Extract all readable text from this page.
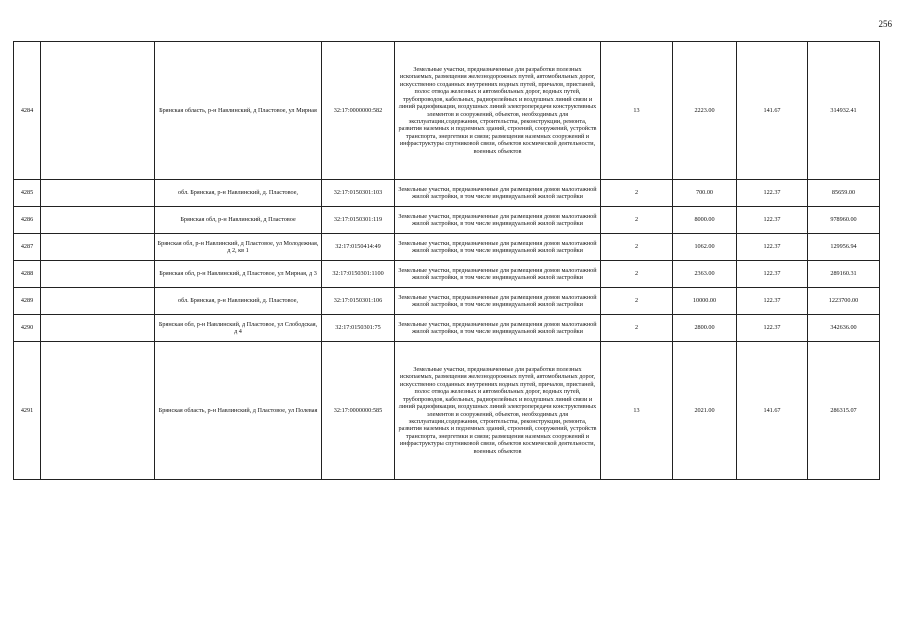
256
4284		Брянская область, р-н Навлинский, д Пластовое, ул Мирная	32:17:0000000:582	Земельные участки, предназначенные для разработки полезных ископаемых, размещения железнодорожных путей, автомобильных дорог, искусственно созданных внутренних водных путей, причалов, пристаней, полос отвода железных и автомобильных дорог, водных путей, трубопроводов, кабельных, радиорелейных и воздушных линий связи и линий радиофикации, воздушных линий электропередачи конструктивных элементов и сооружений, объектов, необходимых для эксплуатации,содержания, строительства, реконструкции, ремонта, развития наземных и подземных зданий, строений, сооружений, устройств транспорта, энергетики и связи; размещения наземных сооружений и инфраструктуры спутниковой связи, объектов космической деятельности, военных объектов	13	2223.00	141.67	314932.41
4285		обл. Брянская, р-н Навлинский, д. Пластовое,	32:17:0150301:103	Земельные участки, предназначенные для размещения домов малоэтажной жилой застройки, в том числе индивидуальной жилой застройки	2	700.00	122.37	85659.00
4286		Брянская обл, р-н Навлинский, д Пластовое	32:17:0150301:119	Земельные участки, предназначенные для размещения домов малоэтажной жилой застройки, в том числе индивидуальной жилой застройки	2	8000.00	122.37	978960.00
4287		Брянская обл, р-н Навлинский, д Пластовое, ул Молодежная, д 2, кв 1	32:17:0150414:49	Земельные участки, предназначенные для размещения домов малоэтажной жилой застройки, в том числе индивидуальной жилой застройки	2	1062.00	122.37	129956.94
4288		Брянская обл, р-н Навлинский, д Пластовое, ул Мирная, д 3	32:17:0150301:1100	Земельные участки, предназначенные для размещения домов малоэтажной жилой застройки, в том числе индивидуальной жилой застройки	2	2363.00	122.37	289160.31
4289		обл. Брянская, р-н Навлинский, д. Пластовое,	32:17:0150301:106	Земельные участки, предназначенные для размещения домов малоэтажной жилой застройки, в том числе индивидуальной жилой застройки	2	10000.00	122.37	1223700.00
4290		Брянская обл, р-н Навлинский, д Пластовое, ул Слободская, д 4	32:17:0150301:75	Земельные участки, предназначенные для размещения домов малоэтажной жилой застройки, в том числе индивидуальной жилой застройки	2	2800.00	122.37	342636.00
4291		Брянская область, р-н Навлинский, д Пластовое, ул Полевая	32:17:0000000:585	Земельные участки, предназначенные для разработки полезных ископаемых, размещения железнодорожных путей, автомобильных дорог, искусственно созданных внутренних водных путей, причалов, пристаней, полос отвода железных и автомобильных дорог, водных путей, трубопроводов, кабельных, радиорелейных и воздушных линий связи и линий радиофикации, воздушных линий электропередачи конструктивных элементов и сооружений, объектов, необходимых для эксплуатации,содержания, строительства, реконструкции, ремонта, развития наземных и подземных зданий, строений, сооружений, устройств транспорта, энергетики и связи; размещения наземных сооружений и инфраструктуры спутниковой связи, объектов космической деятельности, военных объектов	13	2021.00	141.67	286315.07
